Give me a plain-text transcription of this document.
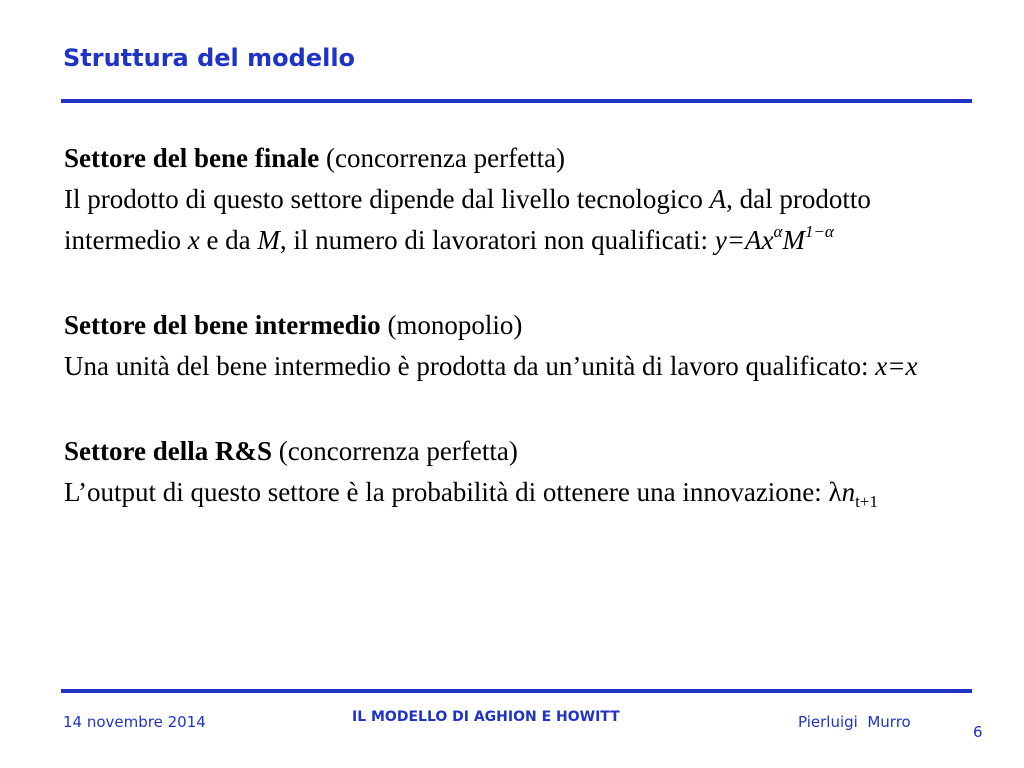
Struttura del modello

Settore del bene finale (concorrenza perfetta)

Il prodotto di questo settore dipende dal livello tecnologico A, dal prodotto intermedio x e da M, il numero di lavoratori non qualificati: $y=Ax^\alpha M^{1-\alpha}$

Settore del bene intermedio (monopolio)

Una unità del bene intermedio è prodotta da un’unità di lavoro qualificato: x=x

Settore della R&S (concorrenza perfetta)

L’output di questo settore è la probabilità di ottenere una innovazione: $\lambda n_{t+1}$

14 novembre 2014	IL MODELLO DI AGHION E HOWITT	Pierluigi  Murro
6
